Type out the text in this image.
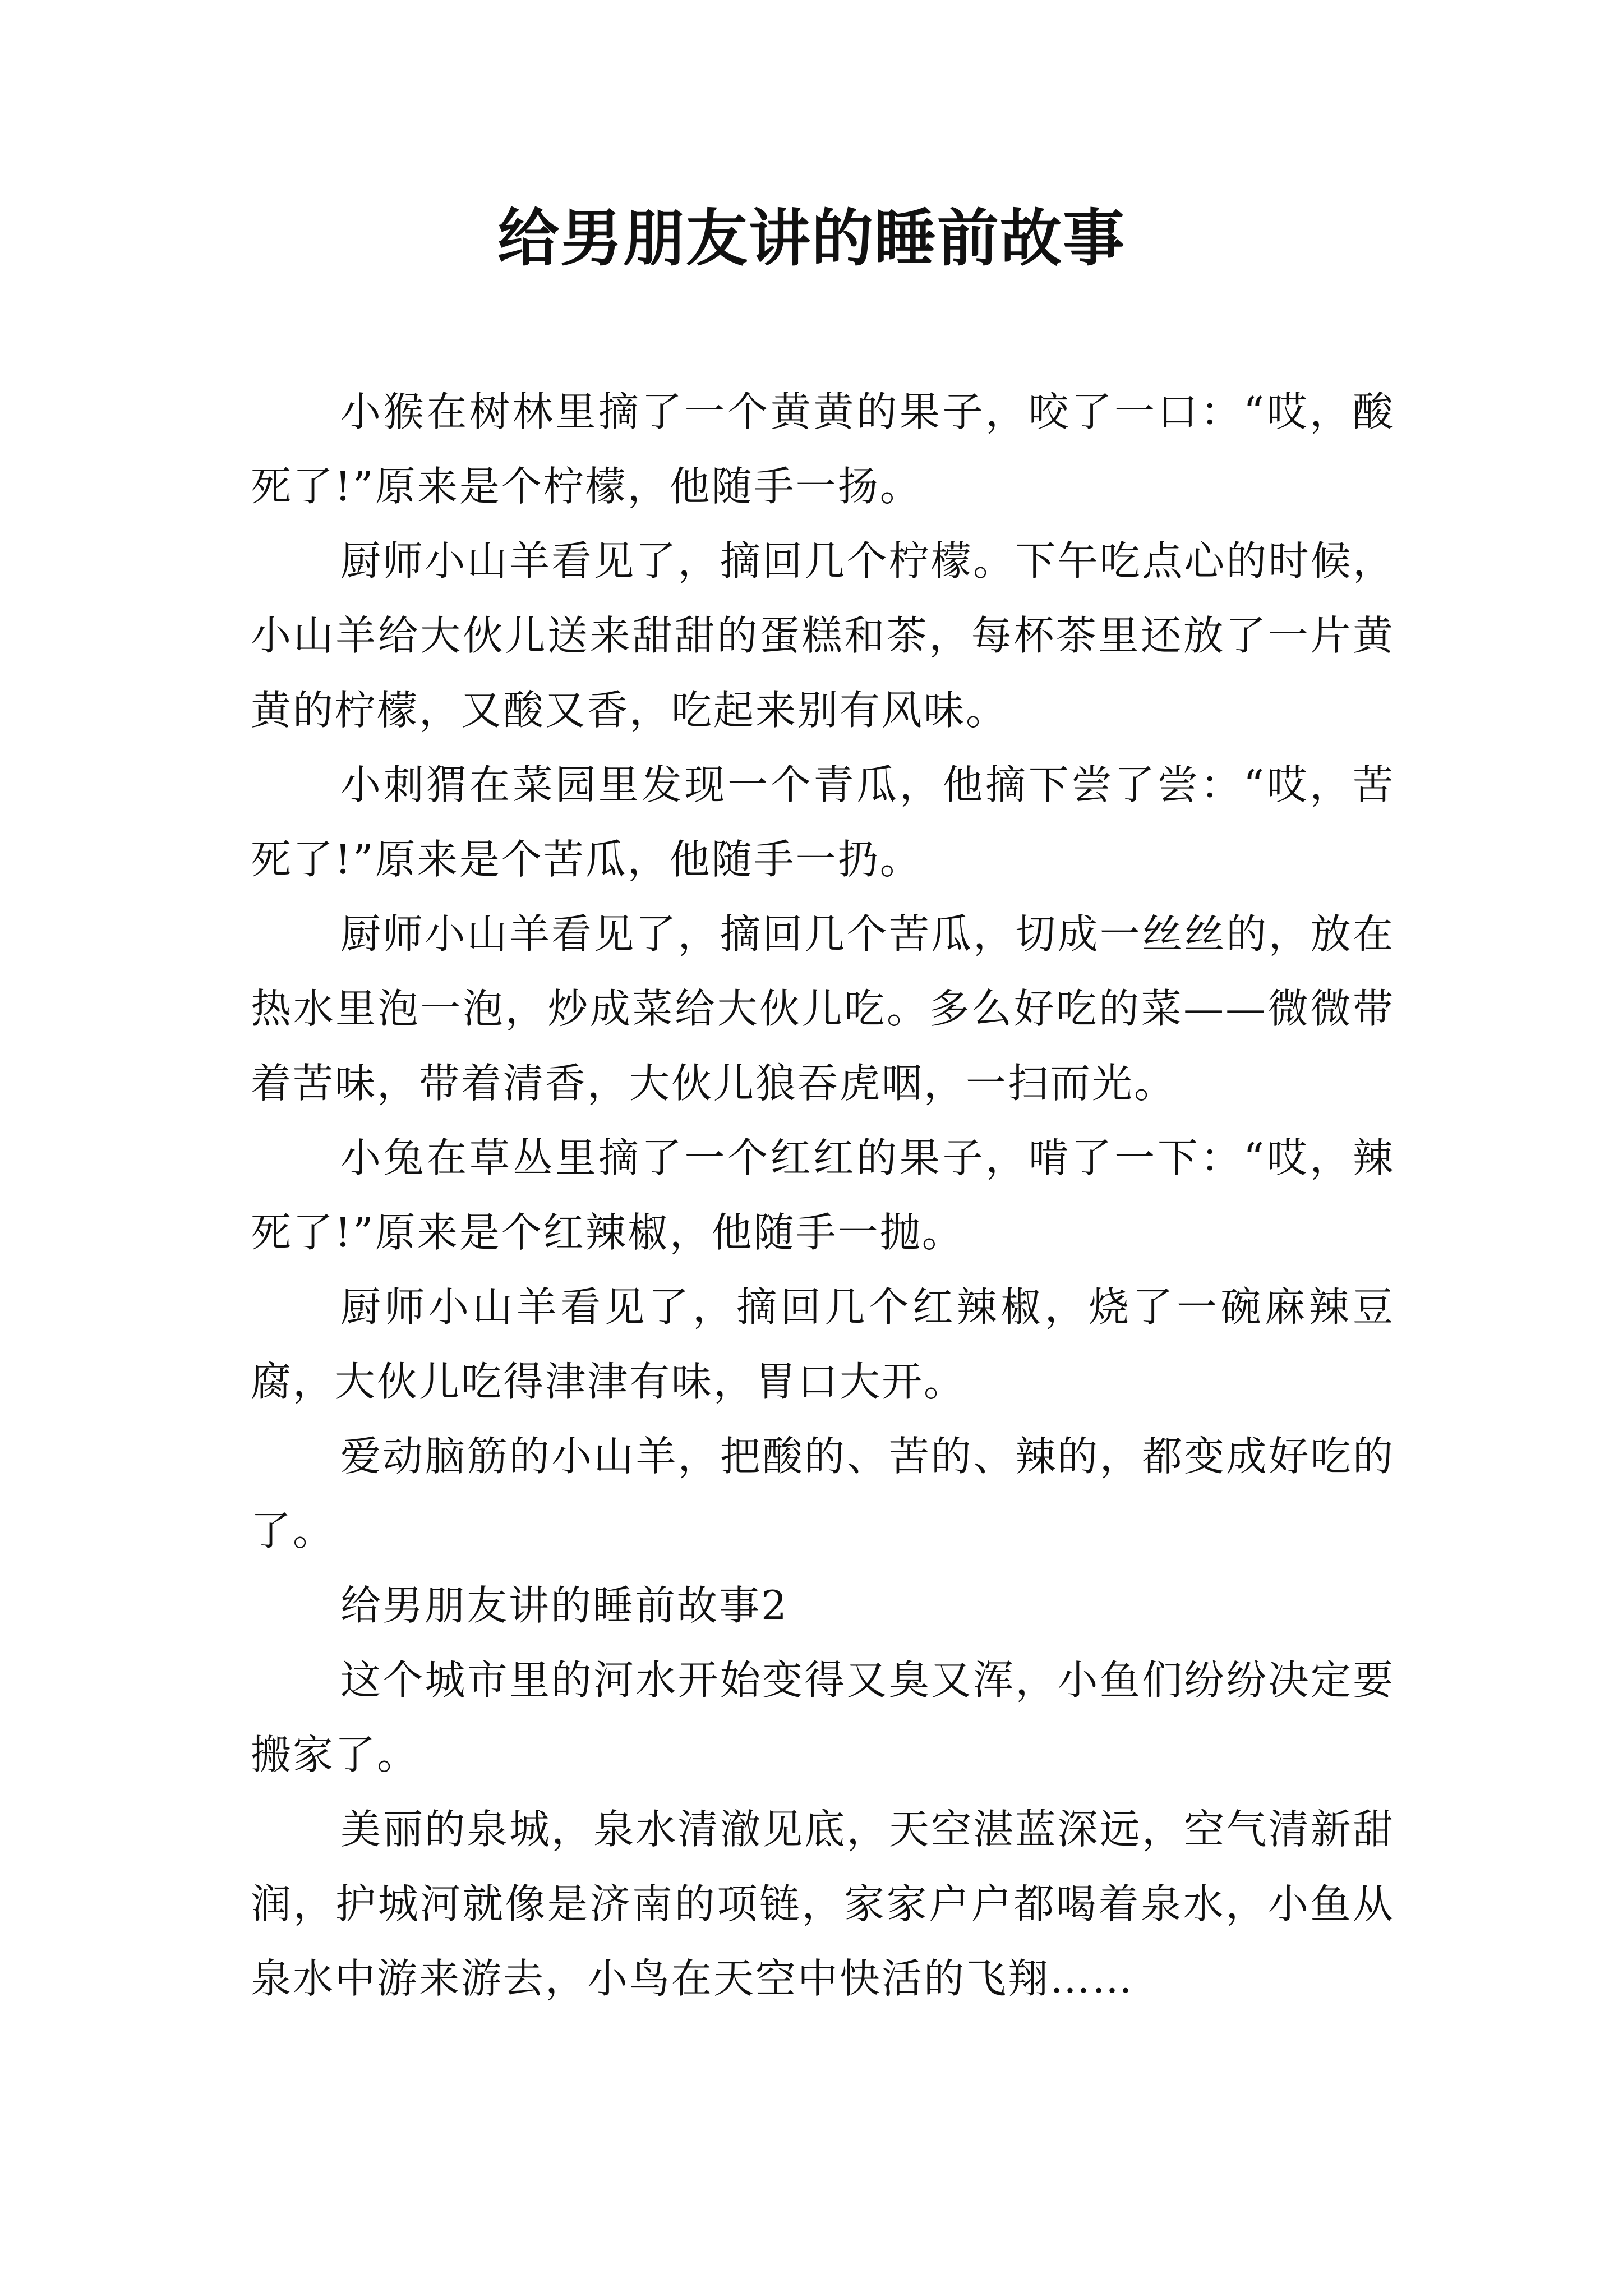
给男朋友讲的睡前故事

小猴在树林里摘了一个黄黄的果子，咬了一口：“哎，酸死了!”原来是个柠檬，他随手一扬。

厨师小山羊看见了，摘回几个柠檬。下午吃点心的时候，小山羊给大伙儿送来甜甜的蛋糕和茶，每杯茶里还放了一片黄黄的柠檬，又酸又香，吃起来别有风味。

小刺猬在菜园里发现一个青瓜，他摘下尝了尝：“哎，苦死了!”原来是个苦瓜，他随手一扔。

厨师小山羊看见了，摘回几个苦瓜，切成一丝丝的，放在热水里泡一泡，炒成菜给大伙儿吃。多么好吃的菜——微微带着苦味，带着清香，大伙儿狼吞虎咽，一扫而光。

小兔在草丛里摘了一个红红的果子，啃了一下：“哎，辣死了!”原来是个红辣椒，他随手一抛。

厨师小山羊看见了，摘回几个红辣椒，烧了一碗麻辣豆腐，大伙儿吃得津津有味，胃口大开。

爱动脑筋的小山羊，把酸的、苦的、辣的，都变成好吃的了。

给男朋友讲的睡前故事2

这个城市里的河水开始变得又臭又浑，小鱼们纷纷决定要搬家了。

美丽的泉城，泉水清澈见底，天空湛蓝深远，空气清新甜润，护城河就像是济南的项链，家家户户都喝着泉水，小鱼从泉水中游来游去，小鸟在天空中快活的飞翔……
